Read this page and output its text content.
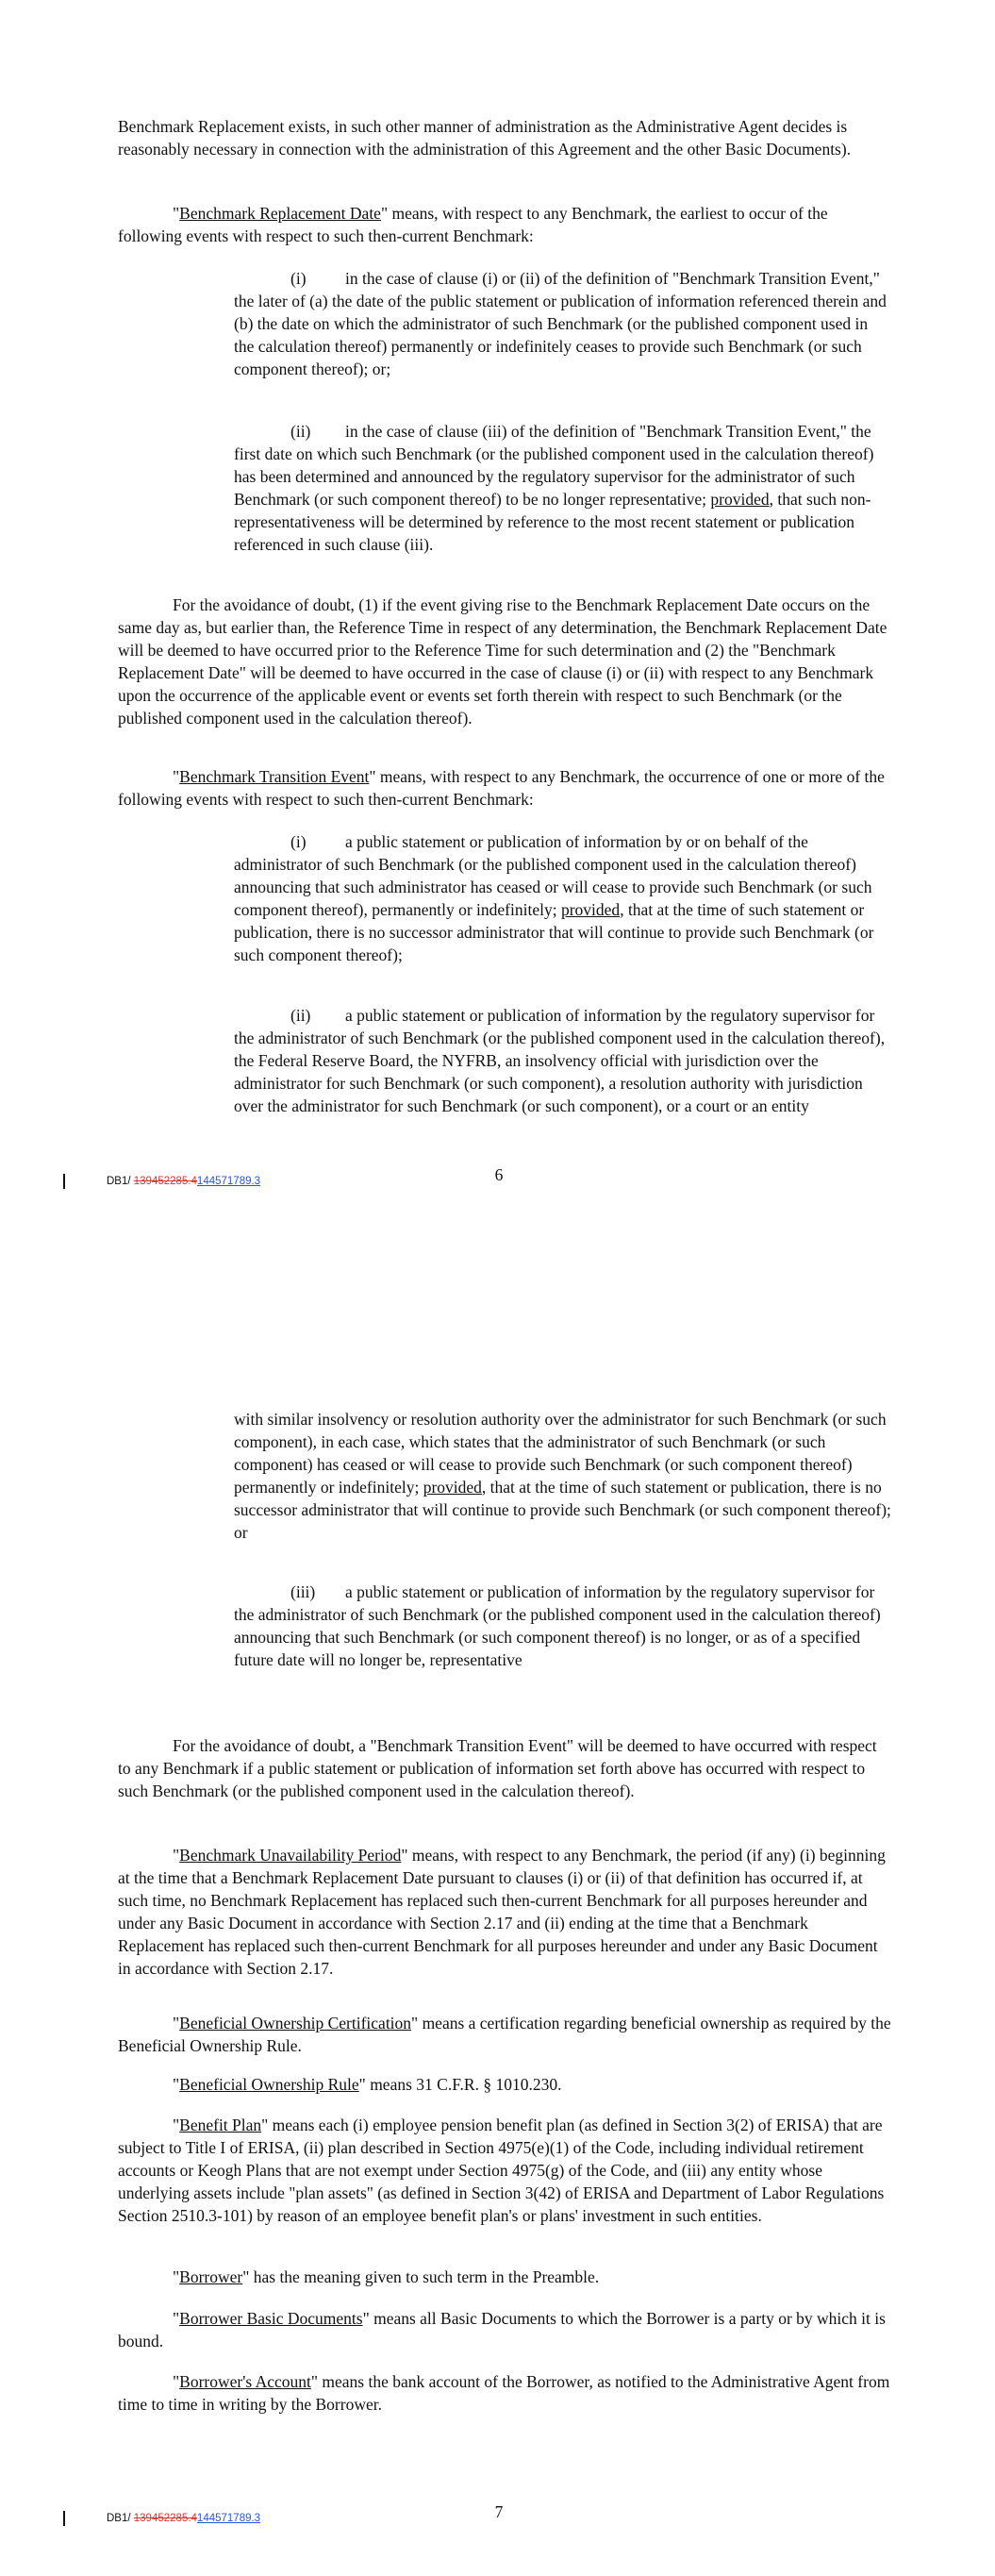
Benchmark Replacement exists, in such other manner of administration as the Administrative Agent decides is reasonably necessary in connection with the administration of this Agreement and the other Basic Documents).

"Benchmark Replacement Date" means, with respect to any Benchmark, the earliest to occur of the following events with respect to such then-current Benchmark:

(i) in the case of clause (i) or (ii) of the definition of "Benchmark Transition Event," the later of (a) the date of the public statement or publication of information referenced therein and (b) the date on which the administrator of such Benchmark (or the published component used in the calculation thereof) permanently or indefinitely ceases to provide such Benchmark (or such component thereof); or;

(ii) in the case of clause (iii) of the definition of "Benchmark Transition Event," the first date on which such Benchmark (or the published component used in the calculation thereof) has been determined and announced by the regulatory supervisor for the administrator of such Benchmark (or such component thereof) to be no longer representative; provided, that such non-representativeness will be determined by reference to the most recent statement or publication referenced in such clause (iii).

For the avoidance of doubt, (1) if the event giving rise to the Benchmark Replacement Date occurs on the same day as, but earlier than, the Reference Time in respect of any determination, the Benchmark Replacement Date will be deemed to have occurred prior to the Reference Time for such determination and (2) the "Benchmark Replacement Date" will be deemed to have occurred in the case of clause (i) or (ii) with respect to any Benchmark upon the occurrence of the applicable event or events set forth therein with respect to such Benchmark (or the published component used in the calculation thereof).

"Benchmark Transition Event" means, with respect to any Benchmark, the occurrence of one or more of the following events with respect to such then-current Benchmark:

(i) a public statement or publication of information by or on behalf of the administrator of such Benchmark (or the published component used in the calculation thereof) announcing that such administrator has ceased or will cease to provide such Benchmark (or such component thereof), permanently or indefinitely; provided, that at the time of such statement or publication, there is no successor administrator that will continue to provide such Benchmark (or such component thereof);

(ii) a public statement or publication of information by the regulatory supervisor for the administrator of such Benchmark (or the published component used in the calculation thereof), the Federal Reserve Board, the NYFRB, an insolvency official with jurisdiction over the administrator for such Benchmark (or such component), a resolution authority with jurisdiction over the administrator for such Benchmark (or such component), or a court or an entity

6
DB1/ 139452285.4144571789.3

with similar insolvency or resolution authority over the administrator for such Benchmark (or such component), in each case, which states that the administrator of such Benchmark (or such component) has ceased or will cease to provide such Benchmark (or such component thereof) permanently or indefinitely; provided, that at the time of such statement or publication, there is no successor administrator that will continue to provide such Benchmark (or such component thereof); or

(iii) a public statement or publication of information by the regulatory supervisor for the administrator of such Benchmark (or the published component used in the calculation thereof) announcing that such Benchmark (or such component thereof) is no longer, or as of a specified future date will no longer be, representative

For the avoidance of doubt, a "Benchmark Transition Event" will be deemed to have occurred with respect to any Benchmark if a public statement or publication of information set forth above has occurred with respect to such Benchmark (or the published component used in the calculation thereof).

"Benchmark Unavailability Period" means, with respect to any Benchmark, the period (if any) (i) beginning at the time that a Benchmark Replacement Date pursuant to clauses (i) or (ii) of that definition has occurred if, at such time, no Benchmark Replacement has replaced such then-current Benchmark for all purposes hereunder and under any Basic Document in accordance with Section 2.17 and (ii) ending at the time that a Benchmark Replacement has replaced such then-current Benchmark for all purposes hereunder and under any Basic Document in accordance with Section 2.17.

"Beneficial Ownership Certification" means a certification regarding beneficial ownership as required by the Beneficial Ownership Rule.

"Beneficial Ownership Rule" means 31 C.F.R. § 1010.230.

"Benefit Plan" means each (i) employee pension benefit plan (as defined in Section 3(2) of ERISA) that are subject to Title I of ERISA, (ii) plan described in Section 4975(e)(1) of the Code, including individual retirement accounts or Keogh Plans that are not exempt under Section 4975(g) of the Code, and (iii) any entity whose underlying assets include "plan assets" (as defined in Section 3(42) of ERISA and Department of Labor Regulations Section 2510.3-101) by reason of an employee benefit plan's or plans' investment in such entities.

"Borrower" has the meaning given to such term in the Preamble.

"Borrower Basic Documents" means all Basic Documents to which the Borrower is a party or by which it is bound.

"Borrower's Account" means the bank account of the Borrower, as notified to the Administrative Agent from time to time in writing by the Borrower.

7
DB1/ 139452285.4144571789.3
